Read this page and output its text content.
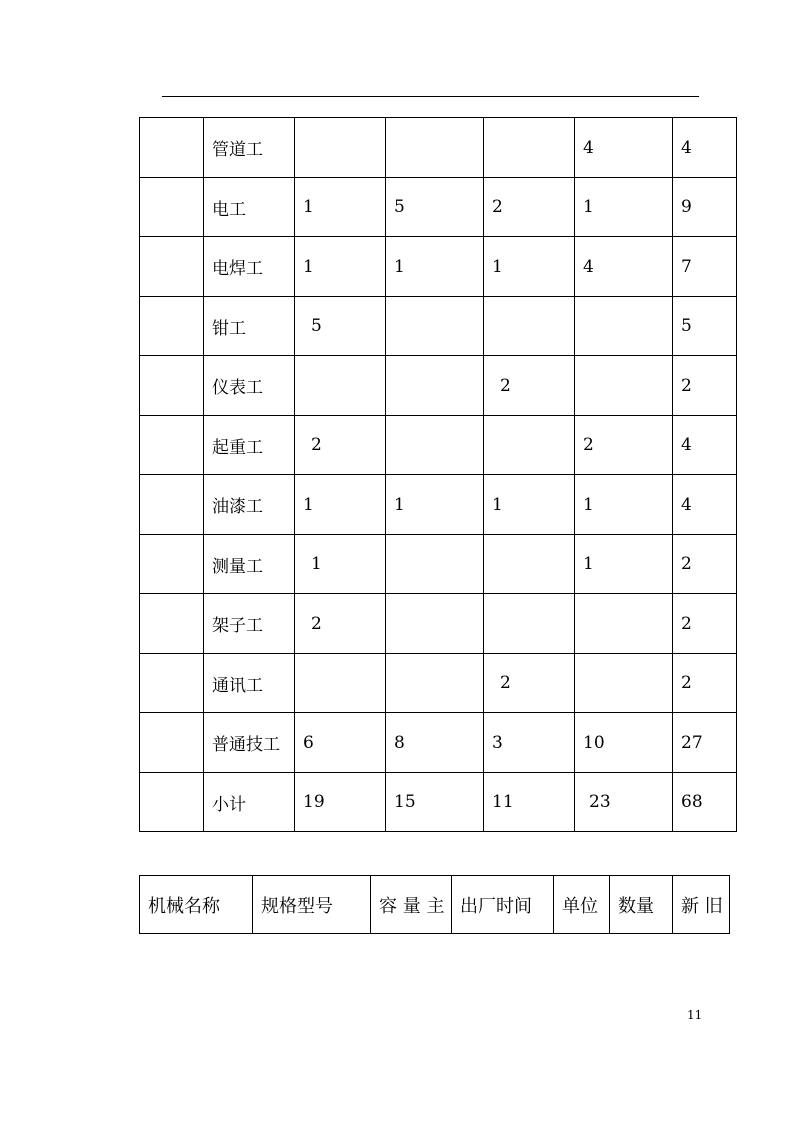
	管道工				4	4
	电工	1	5	2	1	9
	电焊工	1	1	1	4	7
	钳工	5				5
	仪表工			2		2
	起重工	2			2	4
	油漆工	1	1	1	1	4
	测量工	1			1	2
	架子工	2				2
	通讯工			2		2
	普通技工	6	8	3	10	27
	小计	19	15	11	23	68
机械名称	规格型号	容 量 主	出厂时间	单位	数量	新 旧
11
